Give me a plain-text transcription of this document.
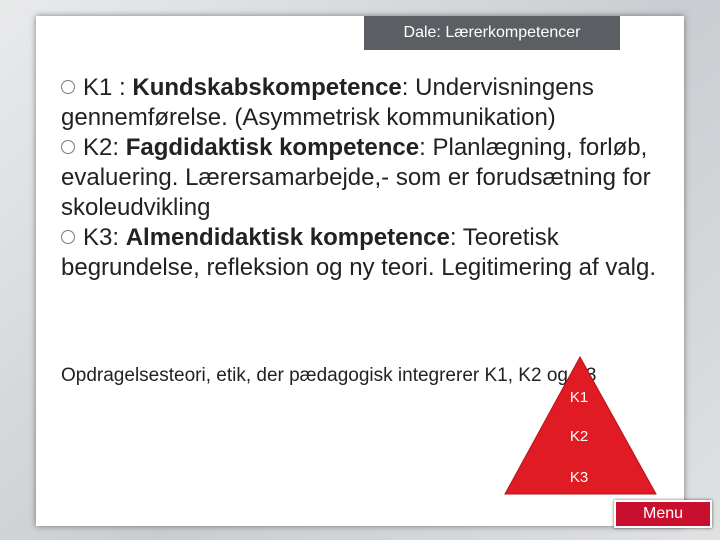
Dale: Lærerkompetencer

K1 : Kundskabskompetence: Undervisningens gennemførelse. (Asymmetrisk kommunikation)

K2: Fagdidaktisk kompetence: Planlægning, forløb, evaluering. Lærersamarbejde,- som er forudsætning for skoleudvikling

K3: Almendidaktisk kompetence: Teoretisk begrundelse, refleksion og ny teori. Legitimering af valg.

Opdragelsesteori, etik, der pædagogisk integrerer K1, K2 og K3
K1
K2
K3
Menu
